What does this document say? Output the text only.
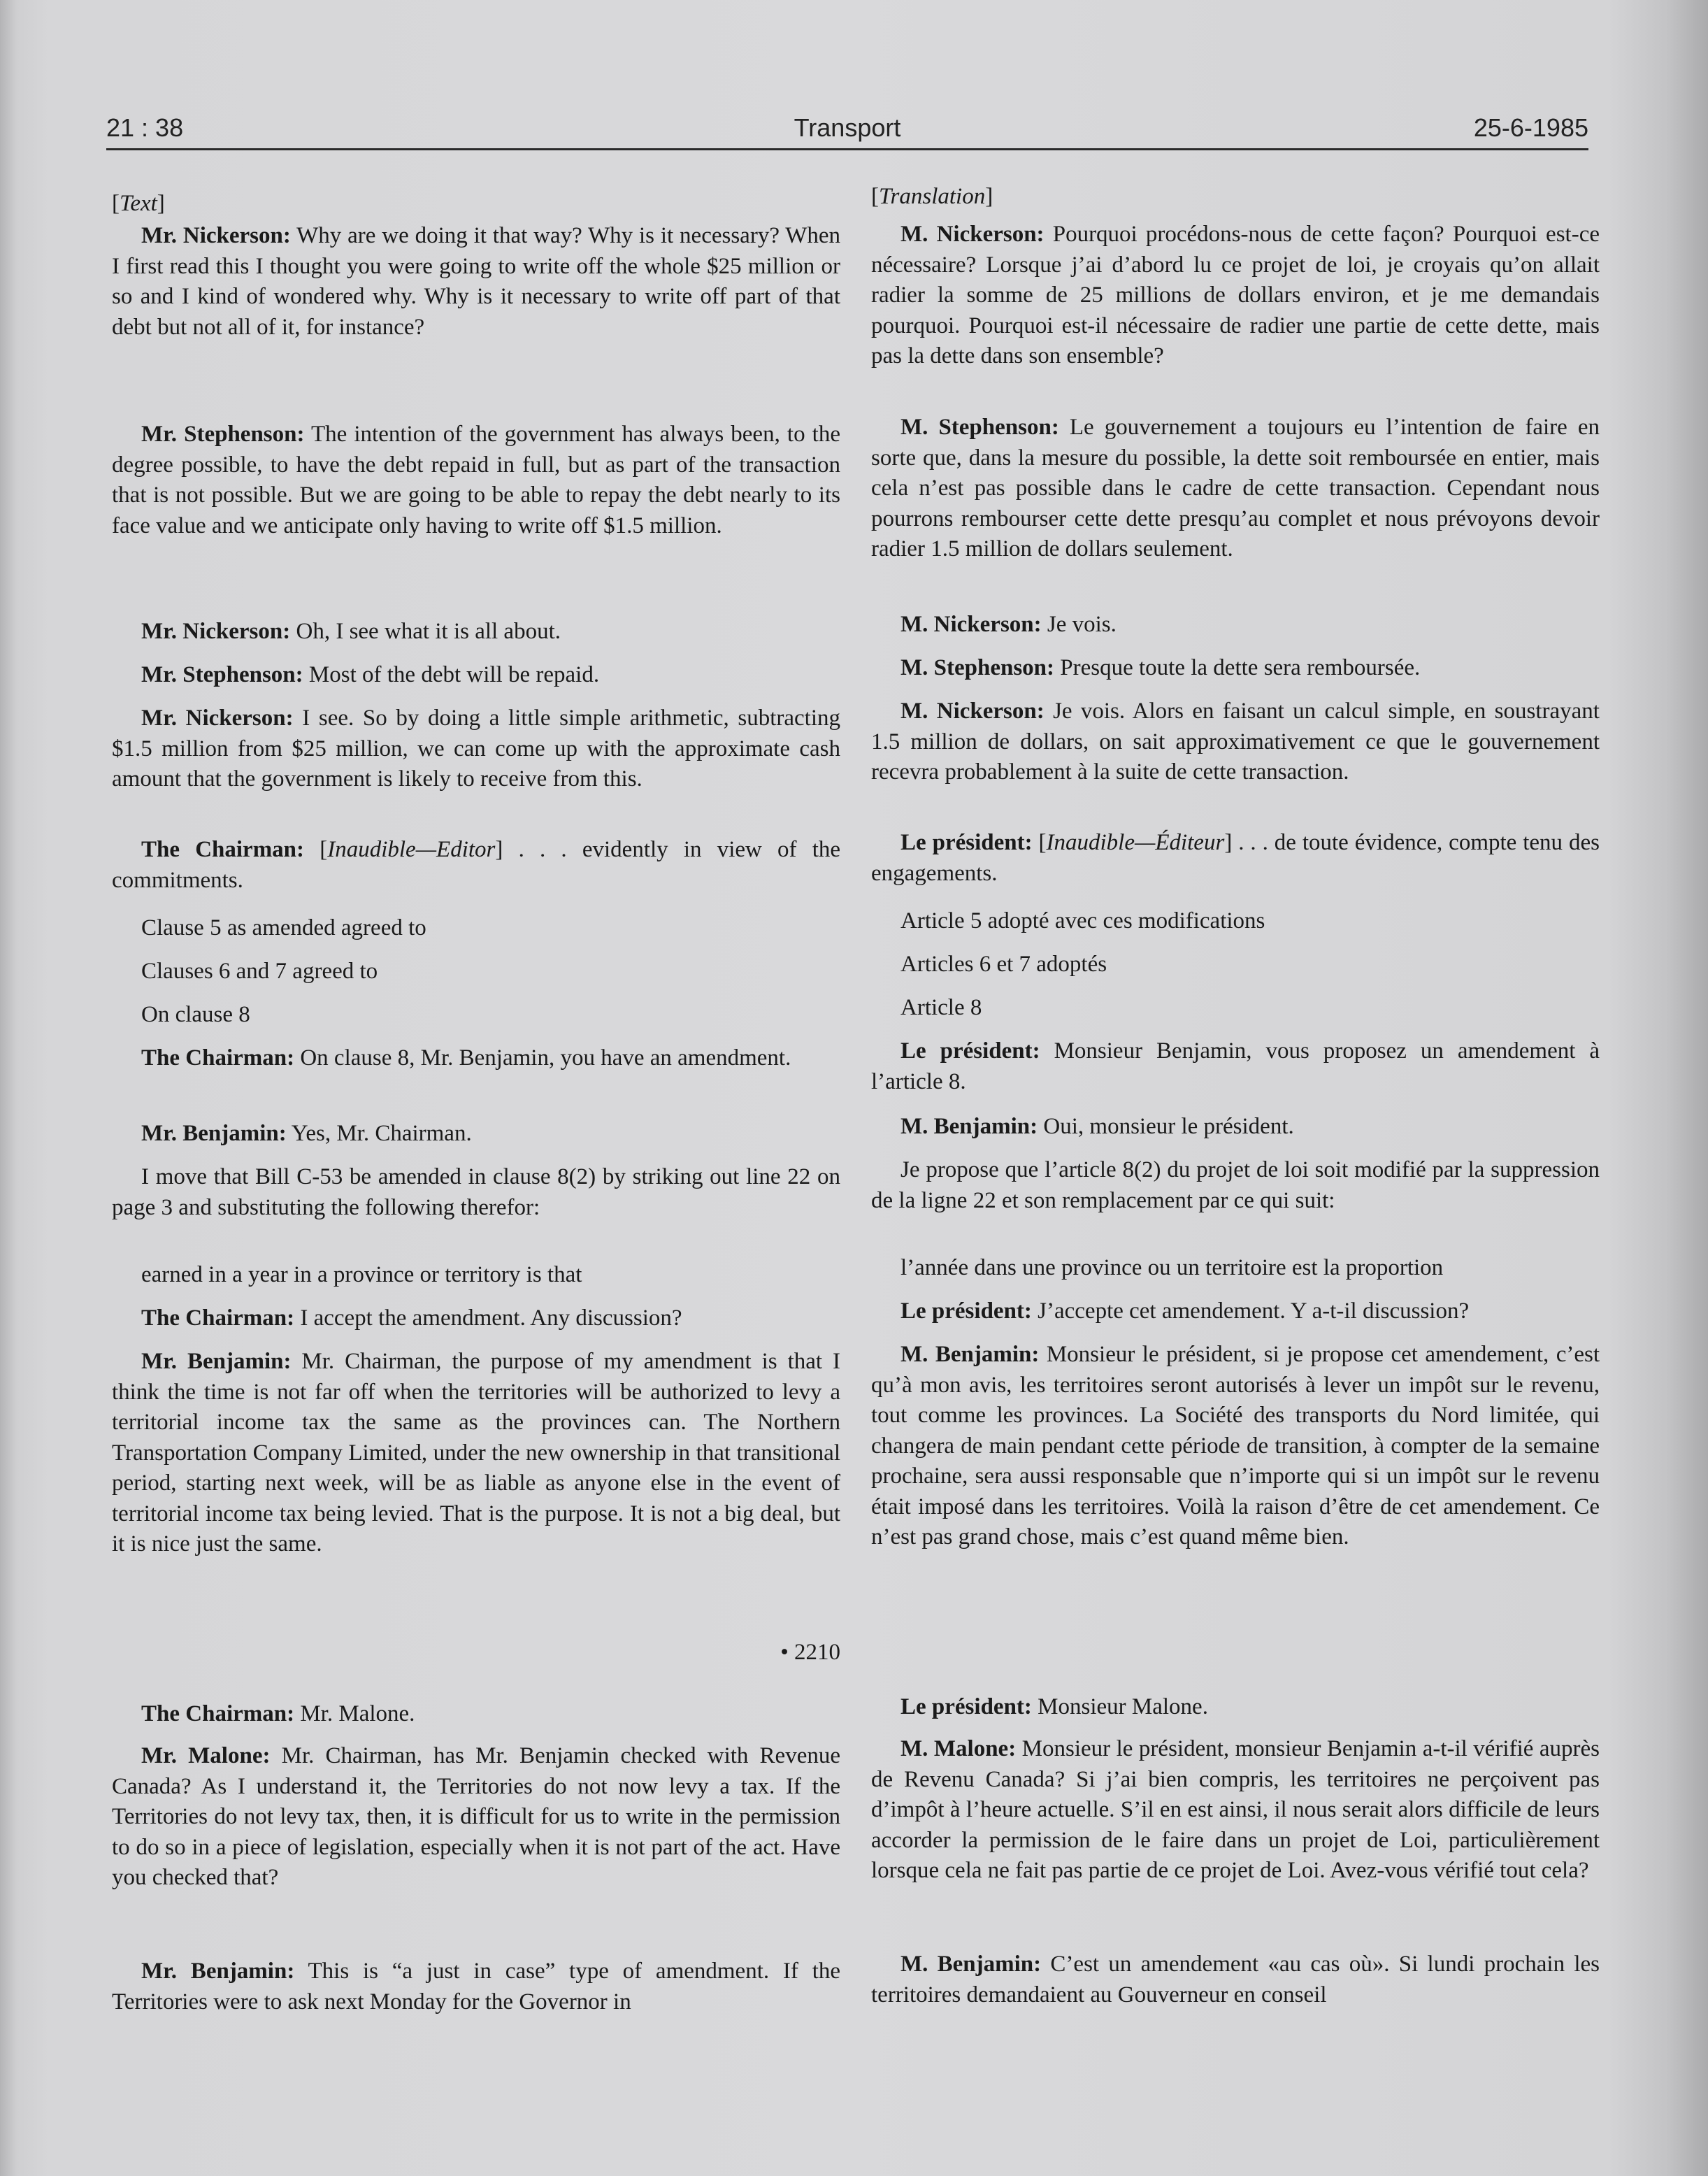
21 : 38	Transport	25-6-1985

[Text]

Mr. Nickerson: Why are we doing it that way? Why is it necessary? When I first read this I thought you were going to write off the whole $25 million or so and I kind of wondered why. Why is it necessary to write off part of that debt but not all of it, for instance?

Mr. Stephenson: The intention of the government has always been, to the degree possible, to have the debt repaid in full, but as part of the transaction that is not possible. But we are going to be able to repay the debt nearly to its face value and we anticipate only having to write off $1.5 million.

Mr. Nickerson: Oh, I see what it is all about.

Mr. Stephenson: Most of the debt will be repaid.

Mr. Nickerson: I see. So by doing a little simple arithmetic, subtracting $1.5 million from $25 million, we can come up with the approximate cash amount that the government is likely to receive from this.

The Chairman: [Inaudible—Editor] . . . evidently in view of the commitments.

Clause 5 as amended agreed to

Clauses 6 and 7 agreed to

On clause 8

The Chairman: On clause 8, Mr. Benjamin, you have an amendment.

Mr. Benjamin: Yes, Mr. Chairman.

I move that Bill C-53 be amended in clause 8(2) by striking out line 22 on page 3 and substituting the following therefor:

earned in a year in a province or territory is that

The Chairman: I accept the amendment. Any discussion?

Mr. Benjamin: Mr. Chairman, the purpose of my amendment is that I think the time is not far off when the territories will be authorized to levy a territorial income tax the same as the provinces can. The Northern Transportation Company Limited, under the new ownership in that transitional period, starting next week, will be as liable as anyone else in the event of territorial income tax being levied. That is the purpose. It is not a big deal, but it is nice just the same.

• 2210

The Chairman: Mr. Malone.

Mr. Malone: Mr. Chairman, has Mr. Benjamin checked with Revenue Canada? As I understand it, the Territories do not now levy a tax. If the Territories do not levy tax, then, it is difficult for us to write in the permission to do so in a piece of legislation, especially when it is not part of the act. Have you checked that?

Mr. Benjamin: This is “a just in case” type of amendment. If the Territories were to ask next Monday for the Governor in

[Translation]

M. Nickerson: Pourquoi procédons-nous de cette façon? Pourquoi est-ce nécessaire? Lorsque j’ai d’abord lu ce projet de loi, je croyais qu’on allait radier la somme de 25 millions de dollars environ, et je me demandais pourquoi. Pourquoi est-il nécessaire de radier une partie de cette dette, mais pas la dette dans son ensemble?

M. Stephenson: Le gouvernement a toujours eu l’intention de faire en sorte que, dans la mesure du possible, la dette soit remboursée en entier, mais cela n’est pas possible dans le cadre de cette transaction. Cependant nous pourrons rembourser cette dette presqu’au complet et nous prévoyons devoir radier 1.5 million de dollars seulement.

M. Nickerson: Je vois.

M. Stephenson: Presque toute la dette sera remboursée.

M. Nickerson: Je vois. Alors en faisant un calcul simple, en soustrayant 1.5 million de dollars, on sait approximativement ce que le gouvernement recevra probablement à la suite de cette transaction.

Le président: [Inaudible—Éditeur] . . . de toute évidence, compte tenu des engagements.

Article 5 adopté avec ces modifications

Articles 6 et 7 adoptés

Article 8

Le président: Monsieur Benjamin, vous proposez un amendement à l’article 8.

M. Benjamin: Oui, monsieur le président.

Je propose que l’article 8(2) du projet de loi soit modifié par la suppression de la ligne 22 et son remplacement par ce qui suit:

l’année dans une province ou un territoire est la proportion

Le président: J’accepte cet amendement. Y a-t-il discussion?

M. Benjamin: Monsieur le président, si je propose cet amendement, c’est qu’à mon avis, les territoires seront autorisés à lever un impôt sur le revenu, tout comme les provinces. La Société des transports du Nord limitée, qui changera de main pendant cette période de transition, à compter de la semaine prochaine, sera aussi responsable que n’importe qui si un impôt sur le revenu était imposé dans les territoires. Voilà la raison d’être de cet amendement. Ce n’est pas grand chose, mais c’est quand même bien.

Le président: Monsieur Malone.

M. Malone: Monsieur le président, monsieur Benjamin a-t-il vérifié auprès de Revenu Canada? Si j’ai bien compris, les territoires ne perçoivent pas d’impôt à l’heure actuelle. S’il en est ainsi, il nous serait alors difficile de leurs accorder la permission de le faire dans un projet de Loi, particulièrement lorsque cela ne fait pas partie de ce projet de Loi. Avez-vous vérifié tout cela?

M. Benjamin: C’est un amendement «au cas où». Si lundi prochain les territoires demandaient au Gouverneur en conseil
